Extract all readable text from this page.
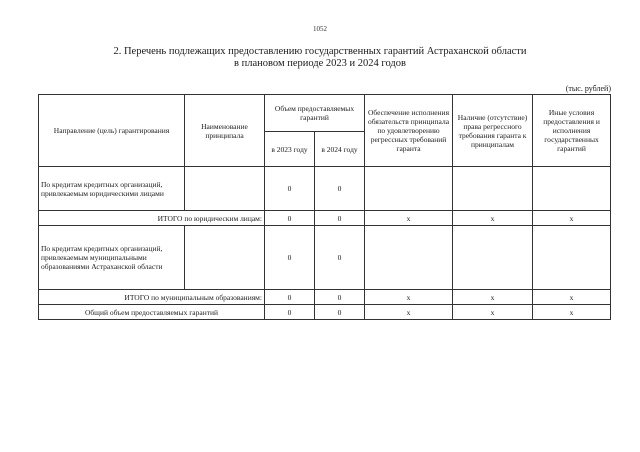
1052
2. Перечень подлежащих предоставлению государственных гарантий Астраханской области
в плановом периоде 2023 и 2024 годов
(тыс. рублей)
Направление (цель) гарантирования	Наименование принципала	Объем предоставляемых гарантий		Обеспечение исполнения обязательств принципала по удовлетворению регрессных требований гаранта	Наличие (отсутствие) права регрессного требования гаранта к принципалам	Иные условия предоставления и исполнения государственных гарантий
		в 2023 году	в 2024 году			
По кредитам кредитных организаций, привлекаемым юридическими лицами		0	0			
ИТОГО по юридическим лицам:		0	0	x	x	x
По кредитам кредитных организаций, привлекаемым муниципальными образованиями Астраханской области		0	0			
ИТОГО по муниципальным образованиям:		0	0	x	x	x
Общий объем предоставляемых гарантий		0	0	x	x	x
